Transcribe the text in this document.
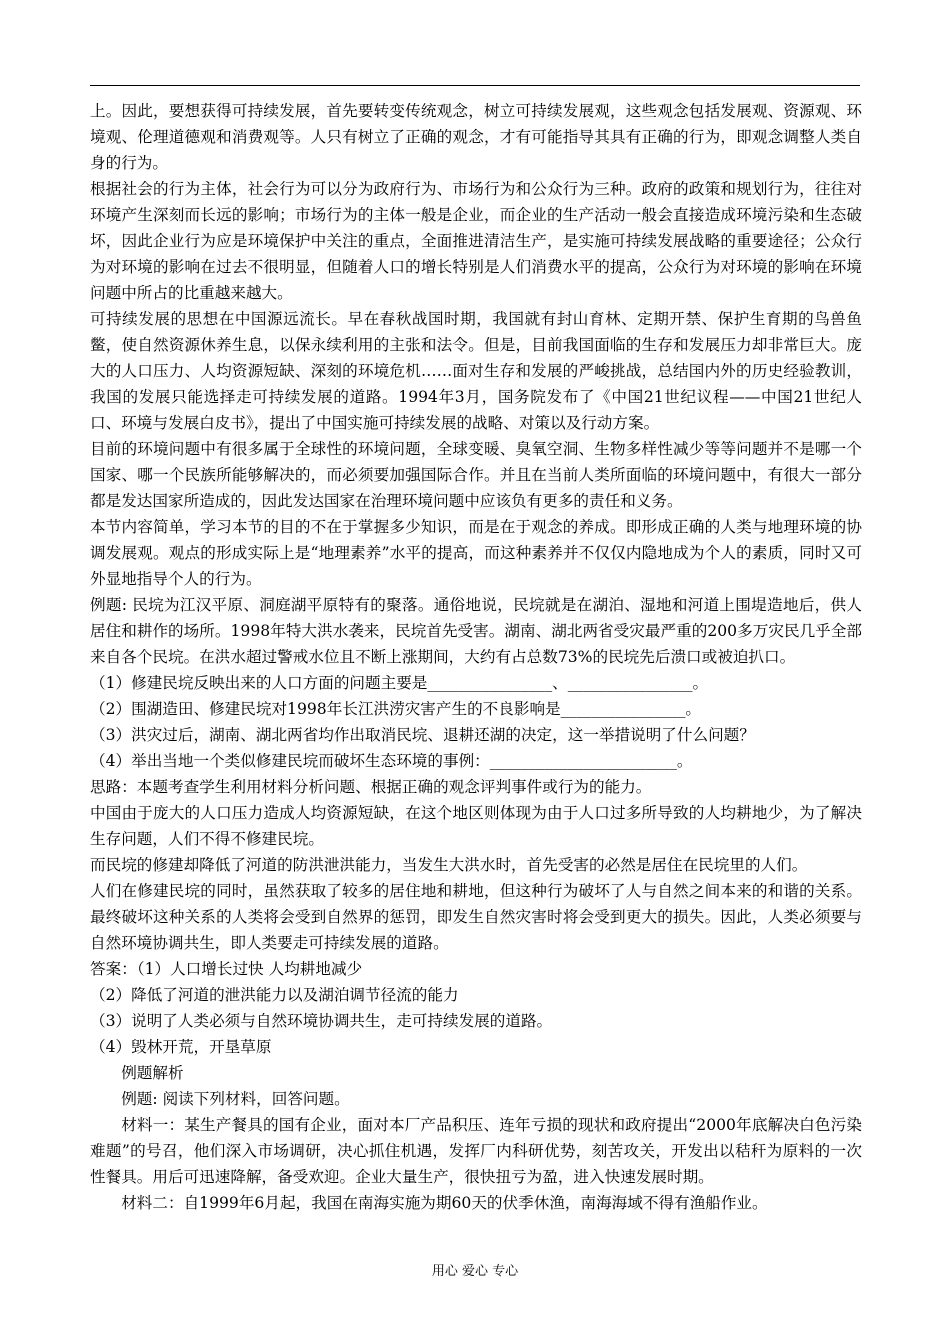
上。因此，要想获得可持续发展，首先要转变传统观念，树立可持续发展观，这些观念包括发展观、资源观、环境观、伦理道德观和消费观等。人只有树立了正确的观念，才有可能指导其具有正确的行为，即观念调整人类自身的行为。

根据社会的行为主体，社会行为可以分为政府行为、市场行为和公众行为三种。政府的政策和规划行为，往往对环境产生深刻而长远的影响；市场行为的主体一般是企业，而企业的生产活动一般会直接造成环境污染和生态破坏，因此企业行为应是环境保护中关注的重点，全面推进清洁生产，是实施可持续发展战略的重要途径；公众行为对环境的影响在过去不很明显，但随着人口的增长特别是人们消费水平的提高，公众行为对环境的影响在环境问题中所占的比重越来越大。

可持续发展的思想在中国源远流长。早在春秋战国时期，我国就有封山育林、定期开禁、保护生育期的鸟兽鱼鳖，使自然资源休养生息，以保永续利用的主张和法令。但是，目前我国面临的生存和发展压力却非常巨大。庞大的人口压力、人均资源短缺、深刻的环境危机……面对生存和发展的严峻挑战，总结国内外的历史经验教训，我国的发展只能选择走可持续发展的道路。1994年3月，国务院发布了《中国21世纪议程——中国21世纪人口、环境与发展白皮书》，提出了中国实施可持续发展的战略、对策以及行动方案。

目前的环境问题中有很多属于全球性的环境问题，全球变暖、臭氧空洞、生物多样性减少等等问题并不是哪一个国家、哪一个民族所能够解决的，而必须要加强国际合作。并且在当前人类所面临的环境问题中，有很大一部分都是发达国家所造成的，因此发达国家在治理环境问题中应该负有更多的责任和义务。

本节内容简单，学习本节的目的不在于掌握多少知识，而是在于观念的养成。即形成正确的人类与地理环境的协调发展观。观点的形成实际上是“地理素养”水平的提高，而这种素养并不仅仅内隐地成为个人的素质，同时又可外显地指导个人的行为。

例题: 民垸为江汉平原、洞庭湖平原特有的聚落。通俗地说，民垸就是在湖泊、湿地和河道上围堤造地后，供人居住和耕作的场所。1998年特大洪水袭来，民垸首先受害。湖南、湖北两省受灾最严重的200多万灾民几乎全部来自各个民垸。在洪水超过警戒水位且不断上涨期间，大约有占总数73%的民垸先后溃口或被迫扒口。

（1）修建民垸反映出来的人口方面的问题主要是________________、________________。

（2）围湖造田、修建民垸对1998年长江洪涝灾害产生的不良影响是________________。

（3）洪灾过后，湖南、湖北两省均作出取消民垸、退耕还湖的决定，这一举措说明了什么问题？

（4）举出当地一个类似修建民垸而破坏生态环境的事例：________________________。

思路：本题考查学生利用材料分析问题、根据正确的观念评判事件或行为的能力。

中国由于庞大的人口压力造成人均资源短缺，在这个地区则体现为由于人口过多所导致的人均耕地少，为了解决生存问题，人们不得不修建民垸。

而民垸的修建却降低了河道的防洪泄洪能力，当发生大洪水时，首先受害的必然是居住在民垸里的人们。

人们在修建民垸的同时，虽然获取了较多的居住地和耕地，但这种行为破坏了人与自然之间本来的和谐的关系。最终破坏这种关系的人类将会受到自然界的惩罚，即发生自然灾害时将会受到更大的损失。因此，人类必须要与自然环境协调共生，即人类要走可持续发展的道路。

答案：（1）人口增长过快 人均耕地减少

（2）降低了河道的泄洪能力以及湖泊调节径流的能力

（3）说明了人类必须与自然环境协调共生，走可持续发展的道路。

（4）毁林开荒，开垦草原

例题解析

例题: 阅读下列材料，回答问题。

材料一：某生产餐具的国有企业，面对本厂产品积压、连年亏损的现状和政府提出“2000年底解决白色污染难题”的号召，他们深入市场调研，决心抓住机遇，发挥厂内科研优势，刻苦攻关，开发出以秸秆为原料的一次性餐具。用后可迅速降解，备受欢迎。企业大量生产，很快扭亏为盈，进入快速发展时期。

材料二：自1999年6月起，我国在南海实施为期60天的伏季休渔，南海海域不得有渔船作业。

用心 爱心 专心
